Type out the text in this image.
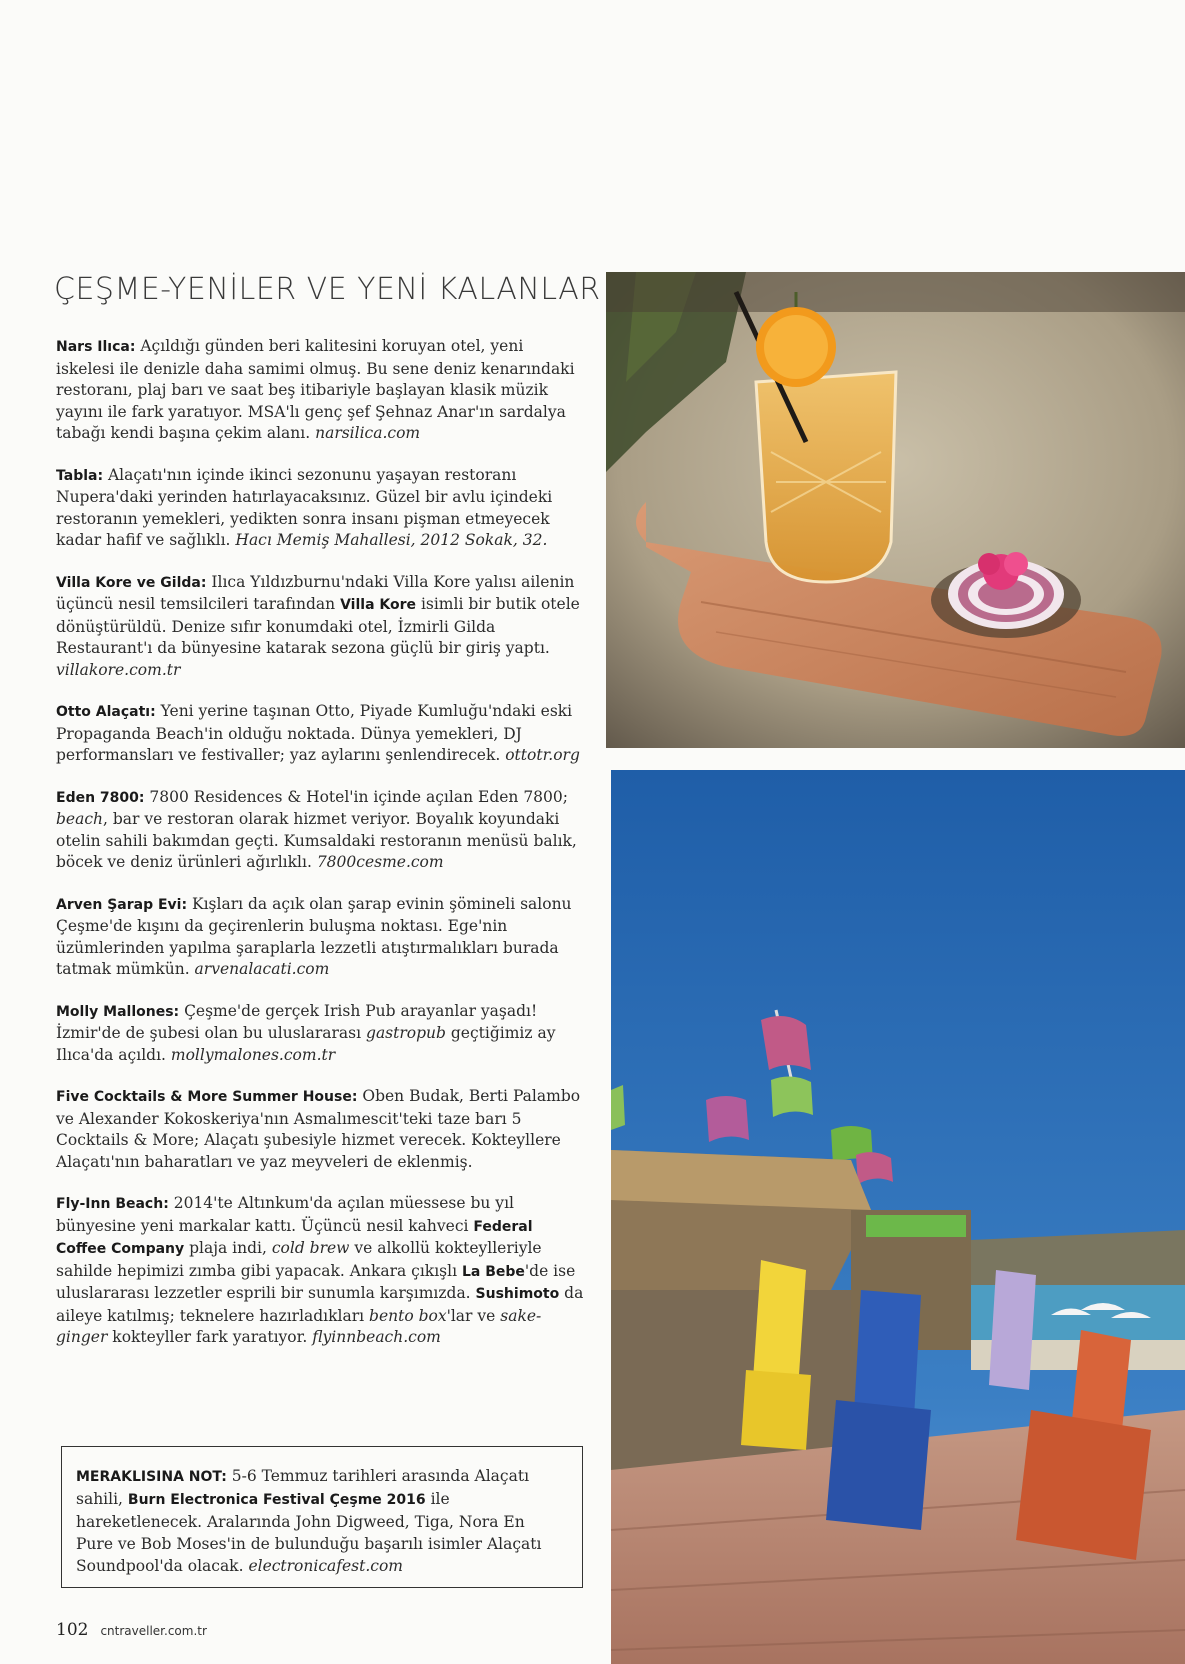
ÇEŞME-YENİLER VE YENİ KALANLAR

Nars Ilıca: Açıldığı günden beri kalitesini koruyan otel, yeni iskelesi ile denizle daha samimi olmuş. Bu sene deniz kenarındaki restoranı, plaj barı ve saat beş itibariyle başlayan klasik müzik yayını ile fark yaratıyor. MSA'lı genç şef Şehnaz Anar'ın sardalya tabağı kendi başına çekim alanı. narsilica.com

Tabla: Alaçatı'nın içinde ikinci sezonunu yaşayan restoranı Nupera'daki yerinden hatırlayacaksınız. Güzel bir avlu içindeki restoranın yemekleri, yedikten sonra insanı pişman etmeyecek kadar hafif ve sağlıklı. Hacı Memiş Mahallesi, 2012 Sokak, 32.

Villa Kore ve Gilda: Ilıca Yıldızburnu'ndaki Villa Kore yalısı ailenin üçüncü nesil temsilcileri tarafından Villa Kore isimli bir butik otele dönüştürüldü. Denize sıfır konumdaki otel, İzmirli Gilda Restaurant'ı da bünyesine katarak sezona güçlü bir giriş yaptı. villakore.com.tr

Otto Alaçatı: Yeni yerine taşınan Otto, Piyade Kumluğu'ndaki eski Propaganda Beach'in olduğu noktada. Dünya yemekleri, DJ performansları ve festivaller; yaz aylarını şenlendirecek. ottotr.org

Eden 7800: 7800 Residences & Hotel'in içinde açılan Eden 7800; beach, bar ve restoran olarak hizmet veriyor. Boyalık koyundaki otelin sahili bakımdan geçti. Kumsaldaki restoranın menüsü balık, böcek ve deniz ürünleri ağırlıklı. 7800cesme.com

Arven Şarap Evi: Kışları da açık olan şarap evinin şömineli salonu Çeşme'de kışını da geçirenlerin buluşma noktası. Ege'nin üzümlerinden yapılma şaraplarla lezzetli atıştırmalıkları burada tatmak mümkün. arvenalacati.com

Molly Mallones: Çeşme'de gerçek Irish Pub arayanlar yaşadı! İzmir'de de şubesi olan bu uluslararası gastropub geçtiğimiz ay Ilıca'da açıldı. mollymalones.com.tr

Five Cocktails & More Summer House: Oben Budak, Berti Palambo ve Alexander Kokoskeriya'nın Asmalımescit'teki taze barı 5 Cocktails & More; Alaçatı şubesiyle hizmet verecek. Kokteyllere Alaçatı'nın baharatları ve yaz meyveleri de eklenmiş.

Fly-Inn Beach: 2014'te Altınkum'da açılan müessese bu yıl bünyesine yeni markalar kattı. Üçüncü nesil kahveci Federal Coffee Company plaja indi, cold brew ve alkollü kokteylleriyle sahilde hepimizi zımba gibi yapacak. Ankara çıkışlı La Bebe'de ise uluslararası lezzetler esprili bir sunumla karşımızda. Sushimoto da aileye katılmış; teknelere hazırladıkları bento box'lar ve sake-ginger kokteyller fark yaratıyor. flyinnbeach.com

MERAKLISINA NOT: 5-6 Temmuz tarihleri arasında Alaçatı sahili, Burn Electronica Festival Çeşme 2016 ile hareketlenecek. Aralarında John Digweed, Tiga, Nora En Pure ve Bob Moses'in de bulunduğu başarılı isimler Alaçatı Soundpool'da olacak. electronicafest.com
102 cntraveller.com.tr
